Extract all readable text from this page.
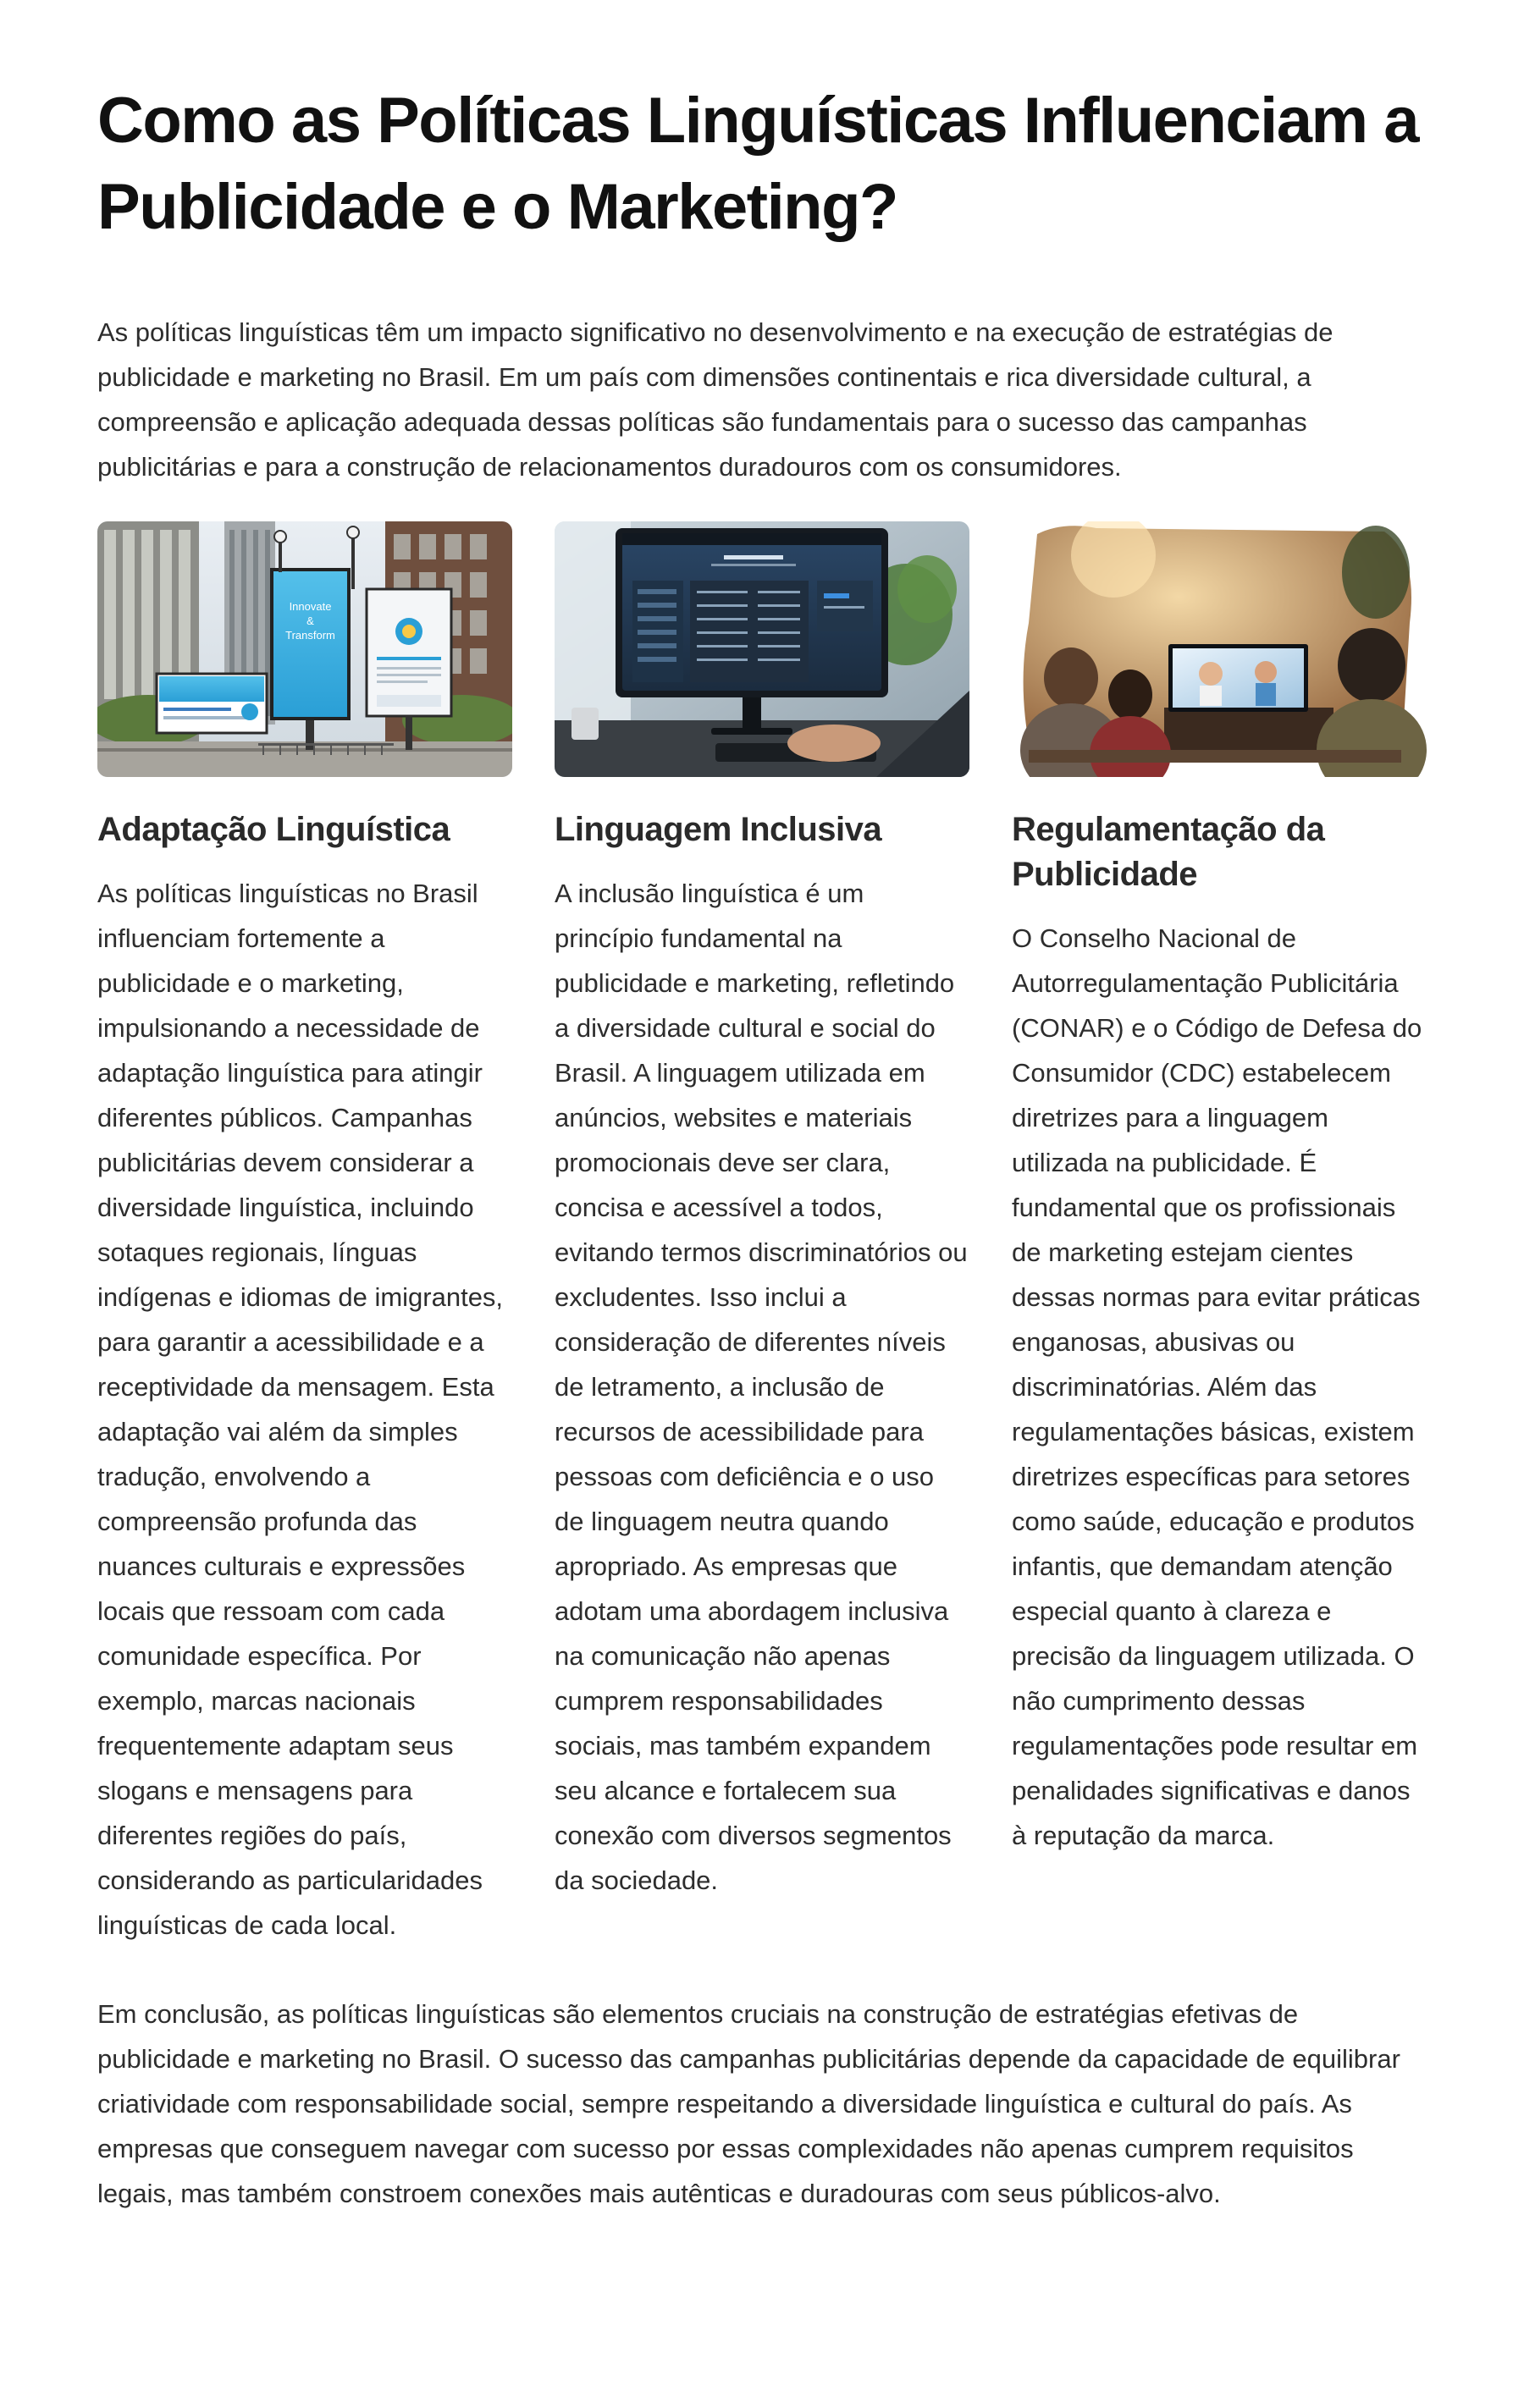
Como as Políticas Linguísticas Influenciam a Publicidade e o Marketing?

As políticas linguísticas têm um impacto significativo no desenvolvimento e na execução de estratégias de publicidade e marketing no Brasil. Em um país com dimensões continentais e rica diversidade cultural, a compreensão e aplicação adequada dessas políticas são fundamentais para o sucesso das campanhas publicitárias e para a construção de relacionamentos duradouros com os consumidores.

Innovate
&
Transform
Adaptação Linguística

As políticas linguísticas no Brasil influenciam fortemente a publicidade e o marketing, impulsionando a necessidade de adaptação linguística para atingir diferentes públicos. Campanhas publicitárias devem considerar a diversidade linguística, incluindo sotaques regionais, línguas indígenas e idiomas de imigrantes, para garantir a acessibilidade e a receptividade da mensagem. Esta adaptação vai além da simples tradução, envolvendo a compreensão profunda das nuances culturais e expressões locais que ressoam com cada comunidade específica. Por exemplo, marcas nacionais frequentemente adaptam seus slogans e mensagens para diferentes regiões do país, considerando as particularidades linguísticas de cada local.

Linguagem Inclusiva

A inclusão linguística é um princípio fundamental na publicidade e marketing, refletindo a diversidade cultural e social do Brasil. A linguagem utilizada em anúncios, websites e materiais promocionais deve ser clara, concisa e acessível a todos, evitando termos discriminatórios ou excludentes. Isso inclui a consideração de diferentes níveis de letramento, a inclusão de recursos de acessibilidade para pessoas com deficiência e o uso de linguagem neutra quando apropriado. As empresas que adotam uma abordagem inclusiva na comunicação não apenas cumprem responsabilidades sociais, mas também expandem seu alcance e fortalecem sua conexão com diversos segmentos da sociedade.

Regulamentação da Publicidade

O Conselho Nacional de Autorregulamentação Publicitária (CONAR) e o Código de Defesa do Consumidor (CDC) estabelecem diretrizes para a linguagem utilizada na publicidade. É fundamental que os profissionais de marketing estejam cientes dessas normas para evitar práticas enganosas, abusivas ou discriminatórias. Além das regulamentações básicas, existem diretrizes específicas para setores como saúde, educação e produtos infantis, que demandam atenção especial quanto à clareza e precisão da linguagem utilizada. O não cumprimento dessas regulamentações pode resultar em penalidades significativas e danos à reputação da marca.

Em conclusão, as políticas linguísticas são elementos cruciais na construção de estratégias efetivas de publicidade e marketing no Brasil. O sucesso das campanhas publicitárias depende da capacidade de equilibrar criatividade com responsabilidade social, sempre respeitando a diversidade linguística e cultural do país. As empresas que conseguem navegar com sucesso por essas complexidades não apenas cumprem requisitos legais, mas também constroem conexões mais autênticas e duradouras com seus públicos-alvo.
